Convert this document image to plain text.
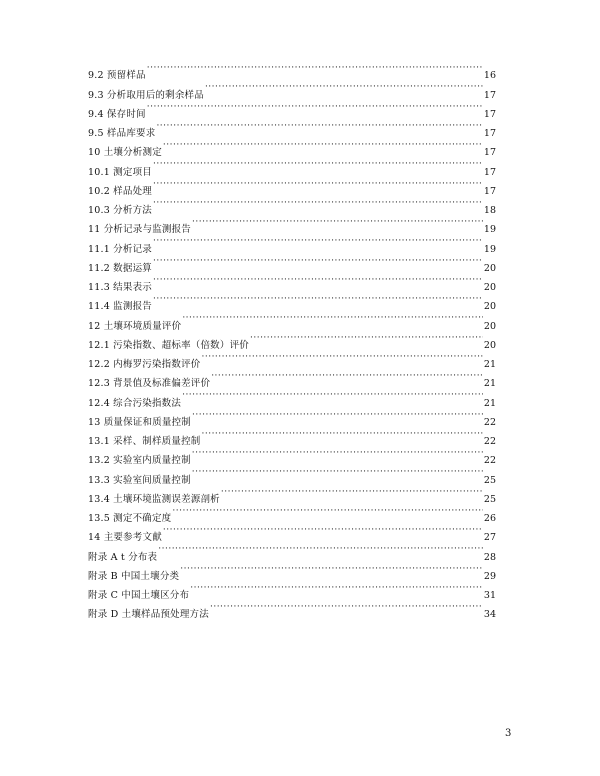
9.2 预留样品 ·····	16
9.3 分析取用后的剩余样品 ·····	17
9.4 保存时间 ·····	17
9.5 样品库要求 ·····	17
10 土壤分析测定 ·····	17
10.1 测定项目 ·····	17
10.2 样品处理 ·····	17
10.3 分析方法 ·····	18
11 分析记录与监测报告 ·····	19
11.1 分析记录 ·····	19
11.2 数据运算 ·····	20
11.3 结果表示 ·····	20
11.4 监测报告 ·····	20
12 土壤环境质量评价 ·····	20
12.1 污染指数、超标率（倍数）评价 ·····	20
12.2 内梅罗污染指数评价 ·····	21
12.3 背景值及标准偏差评价 ·····	21
12.4 综合污染指数法 ·····	21
13 质量保证和质量控制 ·····	22
13.1 采样、制样质量控制 ·····	22
13.2 实验室内质量控制 ·····	22
13.3 实验室间质量控制 ·····	25
13.4 土壤环境监测误差源剖析 ·····	25
13.5 测定不确定度 ·····	26
14 主要参考文献 ·····	27
附录 A t 分布表 ·····	28
附录 B 中国土壤分类 ·····	29
附录 C 中国土壤区分布 ·····	31
附录 D 土壤样品预处理方法 ·····	34
3
